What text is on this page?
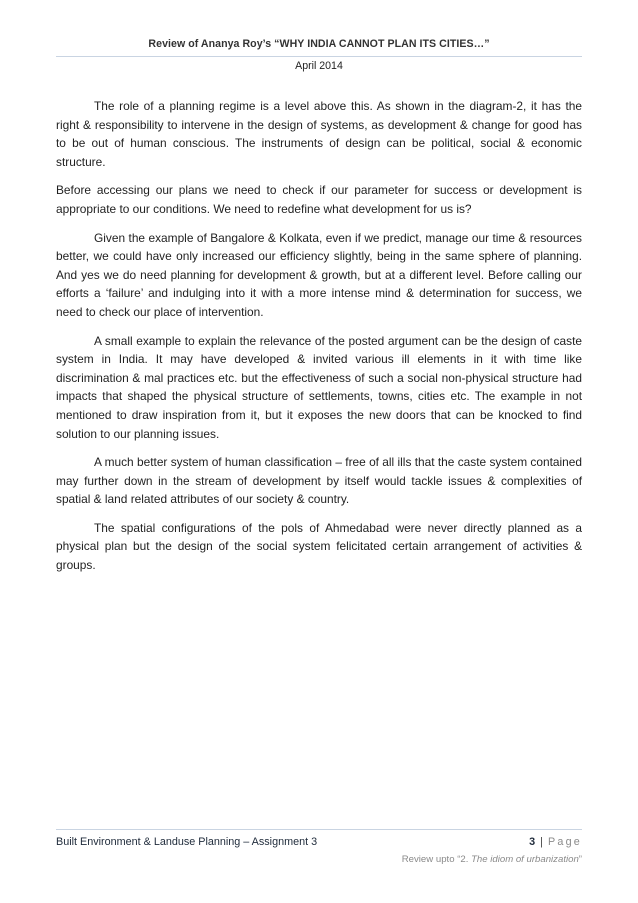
Review of Ananya Roy’s “WHY INDIA CANNOT PLAN ITS CITIES…”
April 2014

The role of a planning regime is a level above this. As shown in the diagram-2, it has the right & responsibility to intervene in the design of systems, as development & change for good has to be out of human conscious. The instruments of design can be political, social & economic structure.

Before accessing our plans we need to check if our parameter for success or development is appropriate to our conditions. We need to redefine what development for us is?

Given the example of Bangalore & Kolkata, even if we predict, manage our time & resources better, we could have only increased our efficiency slightly, being in the same sphere of planning. And yes we do need planning for development & growth, but at a different level. Before calling our efforts a ‘failure’ and indulging into it with a more intense mind & determination for success, we need to check our place of intervention.

A small example to explain the relevance of the posted argument can be the design of caste system in India. It may have developed & invited various ill elements in it with time like discrimination & mal practices etc. but the effectiveness of such a social non-physical structure had impacts that shaped the physical structure of settlements, towns, cities etc. The example in not mentioned to draw inspiration from it, but it exposes the new doors that can be knocked to find solution to our planning issues.

A much better system of human classification – free of all ills that the caste system contained may further down in the stream of development by itself would tackle issues & complexities of spatial & land related attributes of our society & country.

The spatial configurations of the pols of Ahmedabad were never directly planned as a physical plan but the design of the social system felicitated certain arrangement of activities & groups.

Built Environment & Landuse Planning – Assignment 3	3 | Page
Review upto “2. The idiom of urbanization”
